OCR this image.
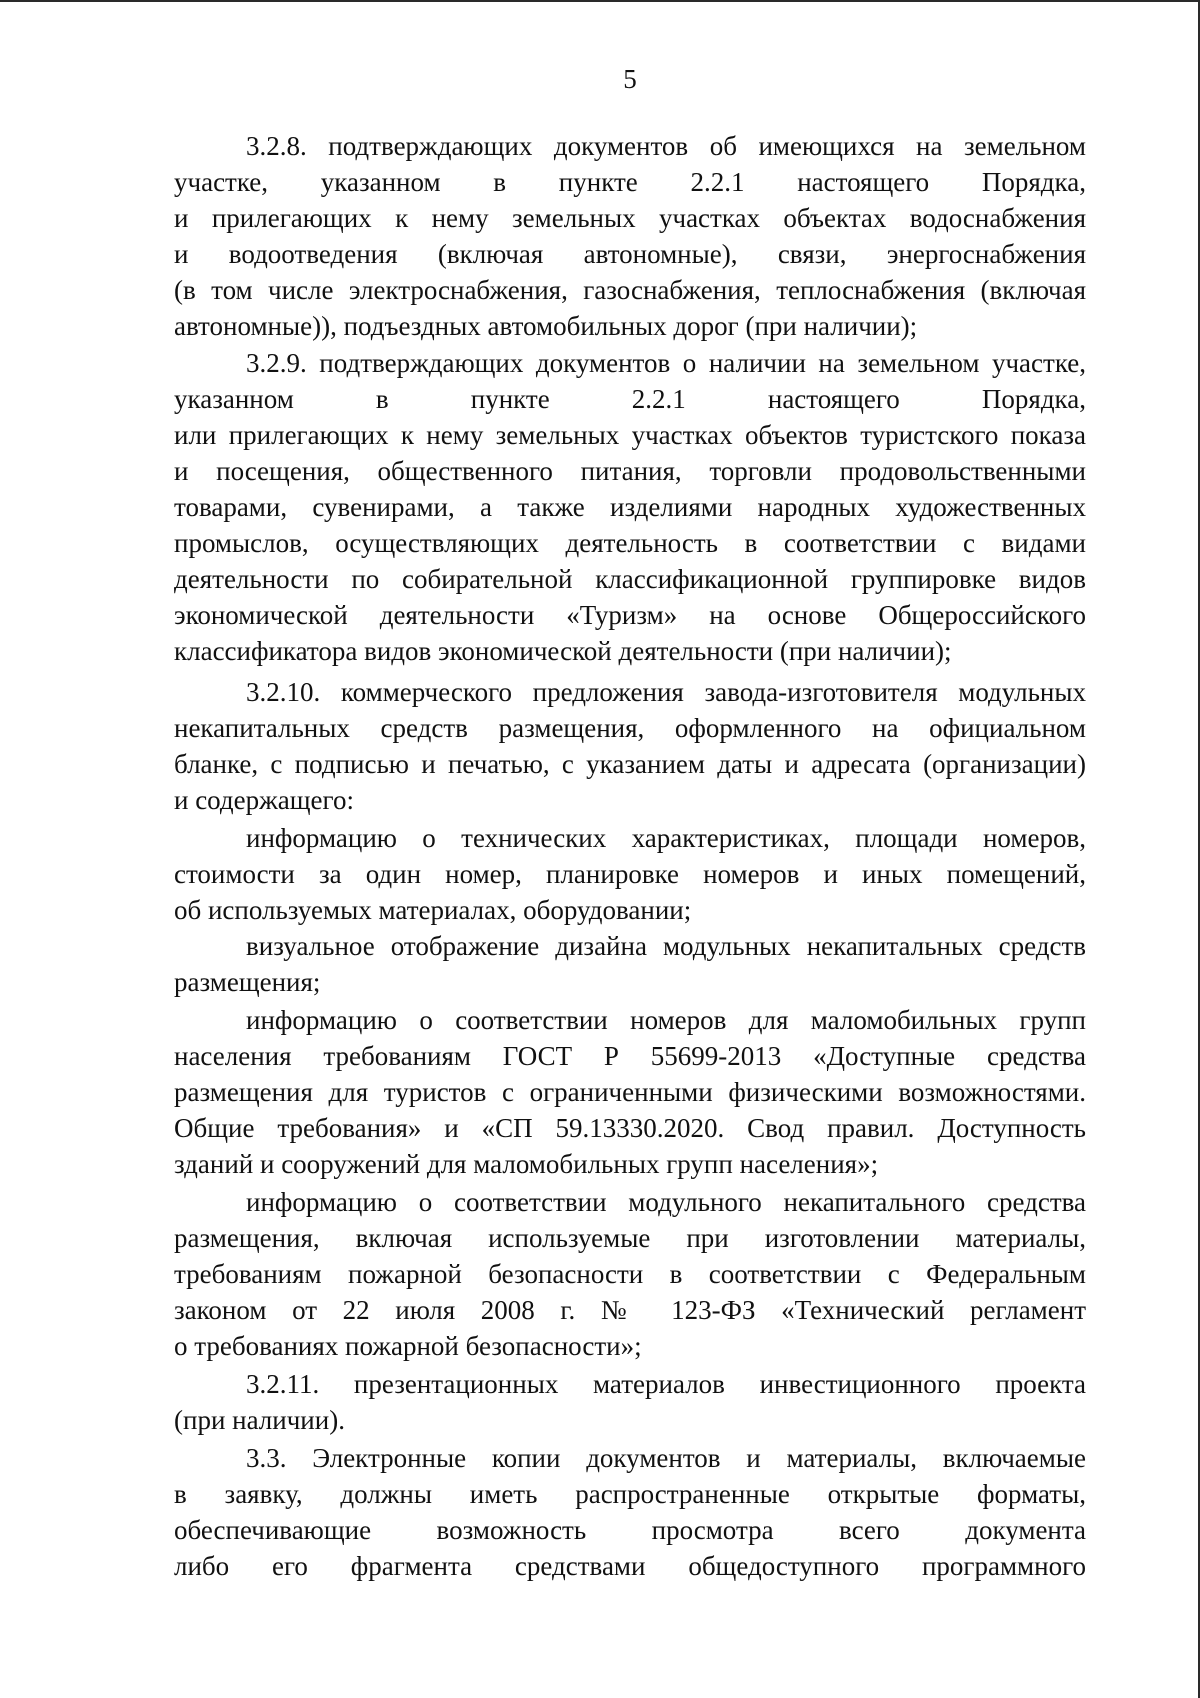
5
3.2.8. подтверждающих документов об имеющихся на земельном
участке, указанном в пункте 2.2.1 настоящего Порядка,
и прилегающих к нему земельных участках объектах водоснабжения
и водоотведения (включая автономные), связи, энергоснабжения
(в том числе электроснабжения, газоснабжения, теплоснабжения (включая
автономные)), подъездных автомобильных дорог (при наличии);
3.2.9. подтверждающих документов о наличии на земельном участке,
указанном в пункте 2.2.1 настоящего Порядка,
или прилегающих к нему земельных участках объектов туристского показа
и посещения, общественного питания, торговли продовольственными
товарами, сувенирами, а также изделиями народных художественных
промыслов, осуществляющих деятельность в соответствии с видами
деятельности по собирательной классификационной группировке видов
экономической деятельности «Туризм» на основе Общероссийского
классификатора видов экономической деятельности (при наличии);
3.2.10. коммерческого предложения завода-изготовителя модульных
некапитальных средств размещения, оформленного на официальном
бланке, с подписью и печатью, с указанием даты и адресата (организации)
и содержащего:
информацию о технических характеристиках, площади номеров,
стоимости за один номер, планировке номеров и иных помещений,
об используемых материалах, оборудовании;
визуальное отображение дизайна модульных некапитальных средств
размещения;
информацию о соответствии номеров для маломобильных групп
населения требованиям ГОСТ Р 55699-2013 «Доступные средства
размещения для туристов с ограниченными физическими возможностями.
Общие требования» и «СП 59.13330.2020. Свод правил. Доступность
зданий и сооружений для маломобильных групп населения»;
информацию о соответствии модульного некапитального средства
размещения, включая используемые при изготовлении материалы,
требованиям пожарной безопасности в соответствии с Федеральным
законом от 22 июля 2008 г. № 123-ФЗ «Технический регламент
о требованиях пожарной безопасности»;
3.2.11. презентационных материалов инвестиционного проекта
(при наличии).
3.3. Электронные копии документов и материалы, включаемые
в заявку, должны иметь распространенные открытые форматы,
обеспечивающие возможность просмотра всего документа
либо его фрагмента средствами общедоступного программного
